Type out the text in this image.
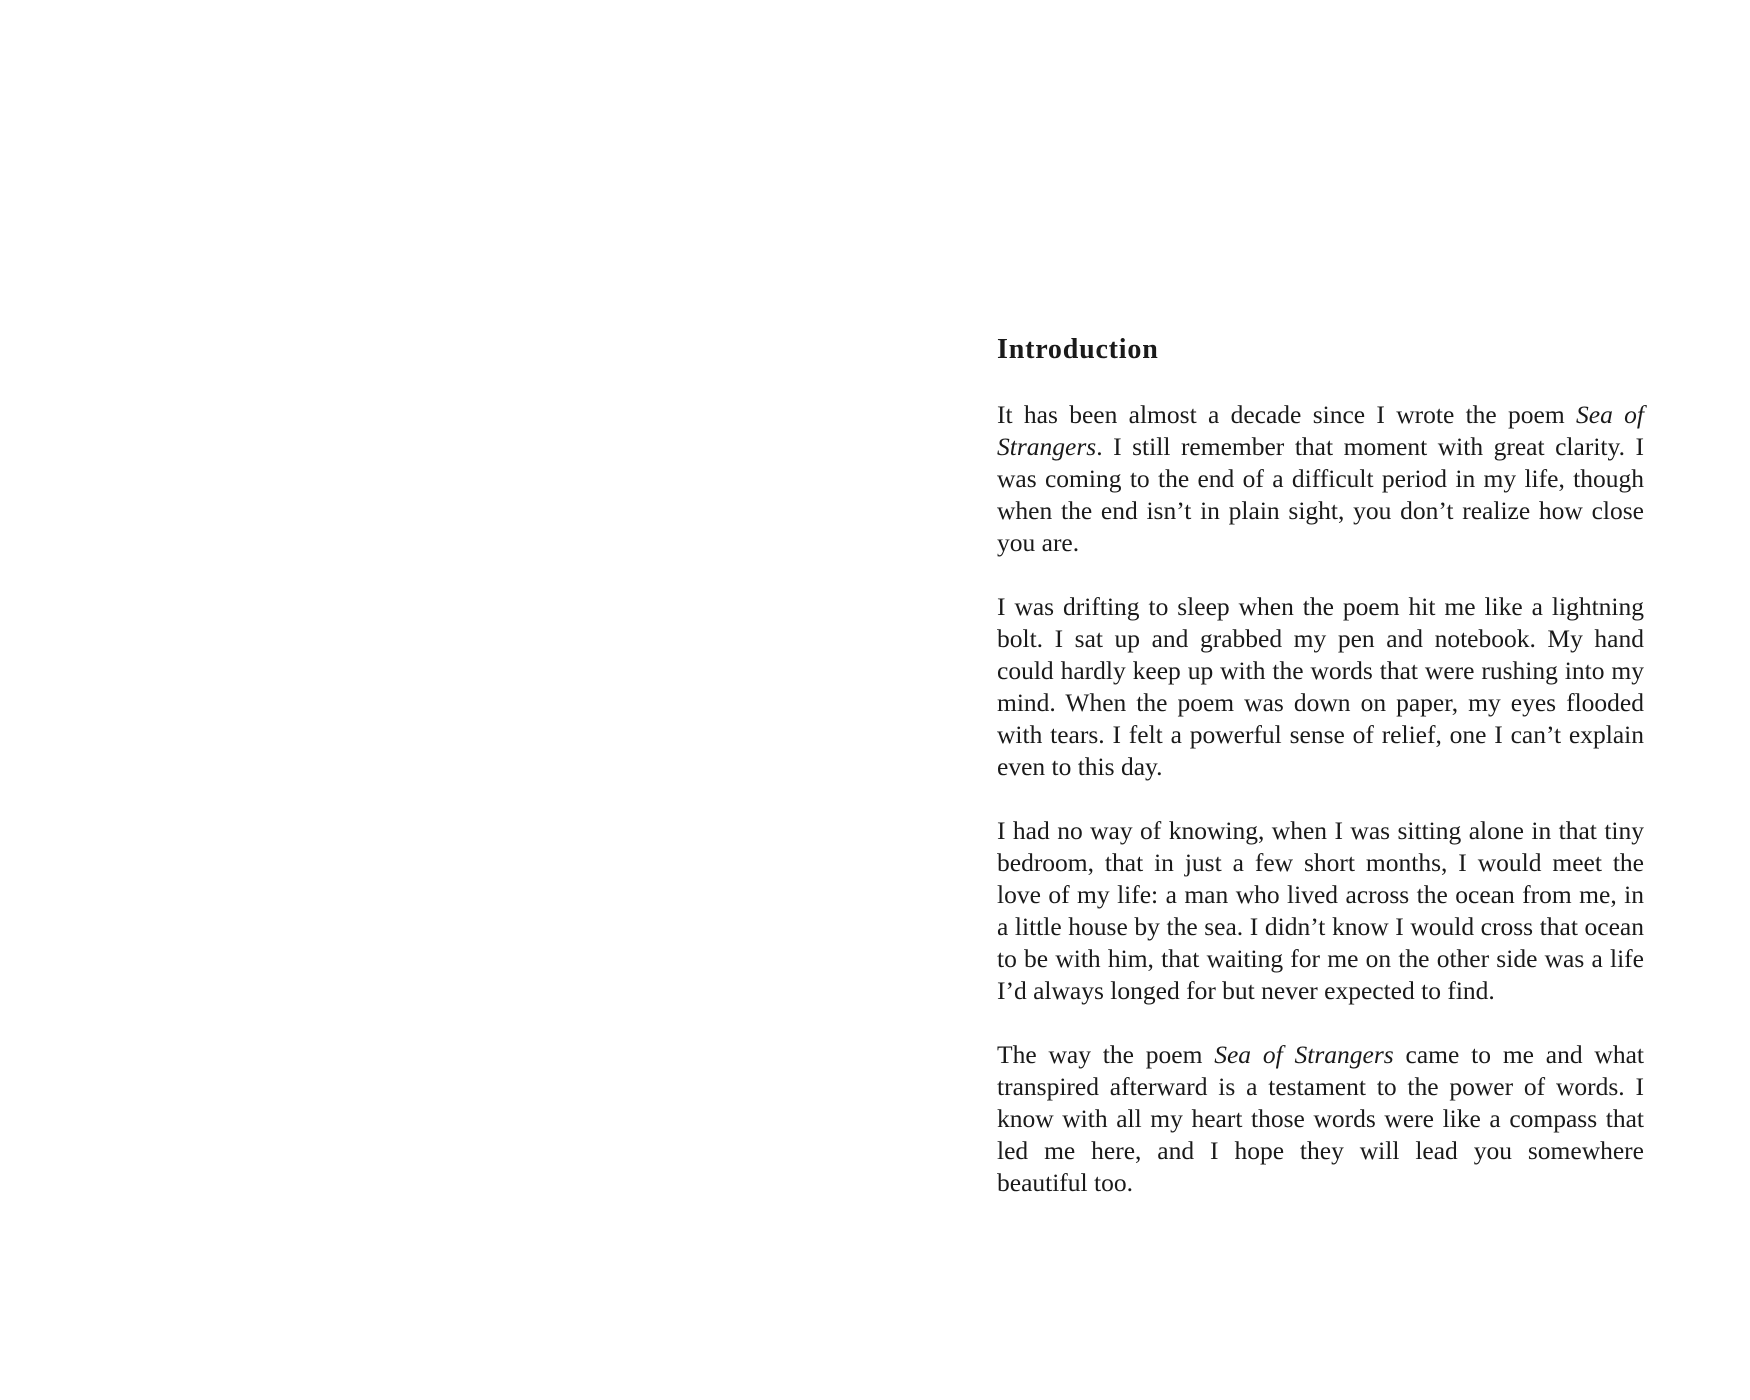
Introduction

It has been almost a decade since I wrote the poem Sea of Strangers. I still remember that moment with great clarity. I was coming to the end of a difficult period in my life, though when the end isn’t in plain sight, you don’t realize how close you are.

I was drifting to sleep when the poem hit me like a lightning bolt. I sat up and grabbed my pen and notebook. My hand could hardly keep up with the words that were rushing into my mind. When the poem was down on paper, my eyes flooded with tears. I felt a powerful sense of relief, one I can’t explain even to this day.

I had no way of knowing, when I was sitting alone in that tiny bedroom, that in just a few short months, I would meet the love of my life: a man who lived across the ocean from me, in a little house by the sea. I didn’t know I would cross that ocean to be with him, that waiting for me on the other side was a life I’d always longed for but never expected to find.

The way the poem Sea of Strangers came to me and what transpired afterward is a testament to the power of words. I know with all my heart those words were like a compass that led me here, and I hope they will lead you somewhere beautiful too.
